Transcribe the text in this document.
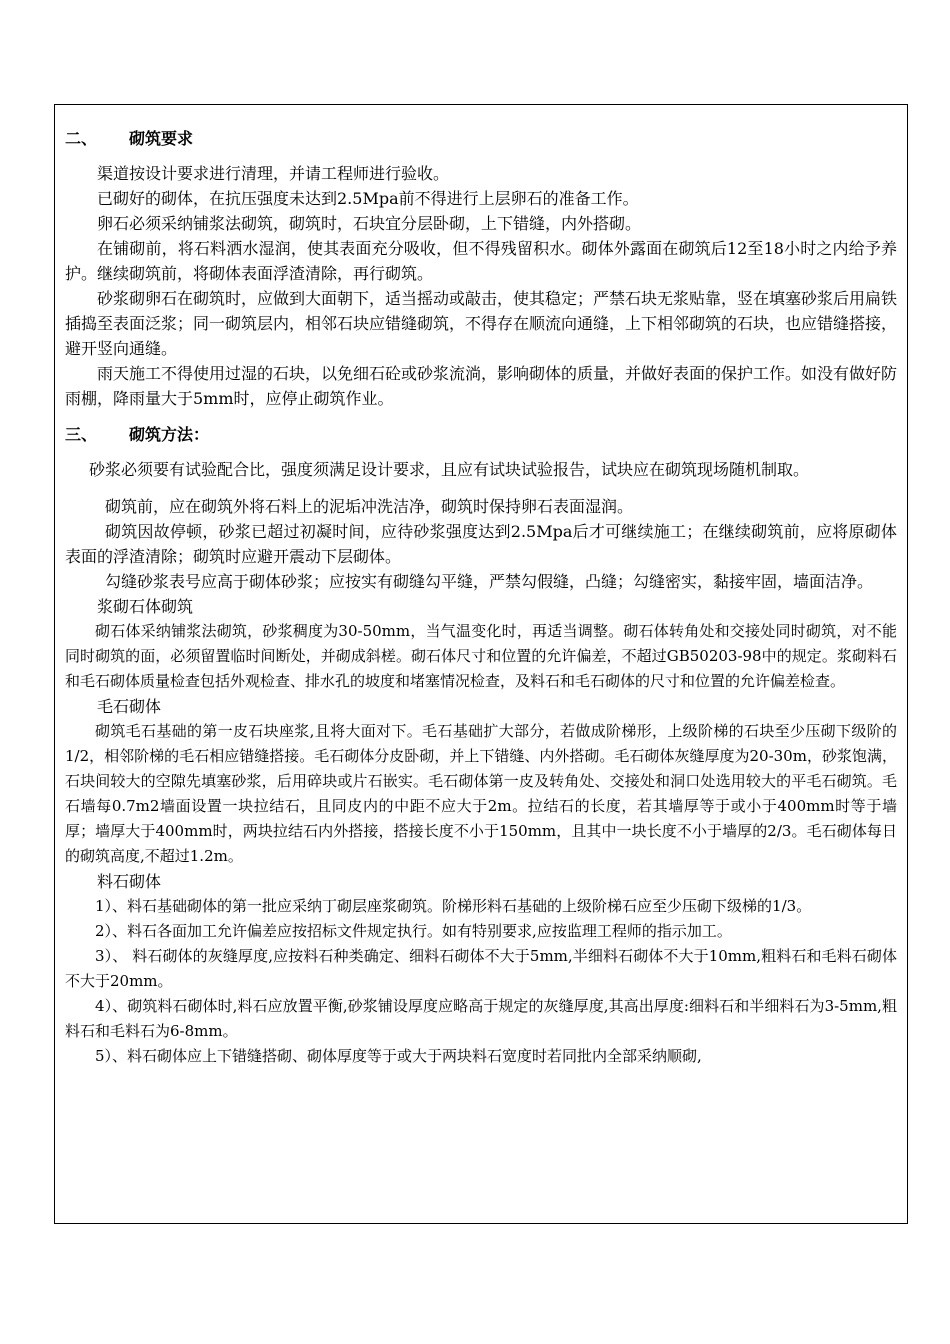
二、 砌筑要求

渠道按设计要求进行清理，并请工程师进行验收。

已砌好的砌体，在抗压强度未达到2.5Mpa前不得进行上层卵石的准备工作。

卵石必须采纳铺浆法砌筑，砌筑时，石块宜分层卧砌，上下错缝，内外搭砌。

在铺砌前，将石料洒水湿润，使其表面充分吸收，但不得残留积水。砌体外露面在砌筑后12至18小时之内给予养护。继续砌筑前，将砌体表面浮渣清除，再行砌筑。

砂浆砌卵石在砌筑时，应做到大面朝下，适当摇动或敲击，使其稳定；严禁石块无浆贴靠，竖在填塞砂浆后用扁铁插捣至表面泛浆；同一砌筑层内，相邻石块应错缝砌筑，不得存在顺流向通缝，上下相邻砌筑的石块，也应错缝搭接，避开竖向通缝。

雨天施工不得使用过湿的石块，以免细石砼或砂浆流淌，影响砌体的质量，并做好表面的保护工作。如没有做好防雨棚，降雨量大于5mm时，应停止砌筑作业。

三、 砌筑方法：

砂浆必须要有试验配合比，强度须满足设计要求，且应有试块试验报告，试块应在砌筑现场随机制取。

砌筑前，应在砌筑外将石料上的泥垢冲洗洁净，砌筑时保持卵石表面湿润。

砌筑因故停顿，砂浆已超过初凝时间，应待砂浆强度达到2.5Mpa后才可继续施工；在继续砌筑前，应将原砌体表面的浮渣清除；砌筑时应避开震动下层砌体。

勾缝砂浆表号应高于砌体砂浆；应按实有砌缝勾平缝，严禁勾假缝，凸缝；勾缝密实，黏接牢固，墙面洁净。

浆砌石体砌筑

砌石体采纳铺浆法砌筑，砂浆稠度为30-50mm，当气温变化时，再适当调整。砌石体转角处和交接处同时砌筑，对不能同时砌筑的面，必须留置临时间断处，并砌成斜槎。砌石体尺寸和位置的允许偏差，不超过GB50203-98中的规定。浆砌料石和毛石砌体质量检查包括外观检查、排水孔的坡度和堵塞情况检查，及料石和毛石砌体的尺寸和位置的允许偏差检查。

毛石砌体

砌筑毛石基础的第一皮石块座浆,且将大面对下。毛石基础扩大部分，若做成阶梯形，上级阶梯的石块至少压砌下级阶的1/2，相邻阶梯的毛石相应错缝搭接。毛石砌体分皮卧砌，并上下错缝、内外搭砌。毛石砌体灰缝厚度为20-30m，砂浆饱满，石块间较大的空隙先填塞砂浆，后用碎块或片石嵌实。毛石砌体第一皮及转角处、交接处和洞口处选用较大的平毛石砌筑。毛石墙每0.7m2墙面设置一块拉结石，且同皮内的中距不应大于2m。拉结石的长度，若其墙厚等于或小于400mm时等于墙厚；墙厚大于400mm时，两块拉结石内外搭接，搭接长度不小于150mm，且其中一块长度不小于墙厚的2/3。毛石砌体每日的砌筑高度,不超过1.2m。

料石砌体

1）、料石基础砌体的第一批应采纳丁砌层座浆砌筑。阶梯形料石基础的上级阶梯石应至少压砌下级梯的1/3。

2）、料石各面加工允许偏差应按招标文件规定执行。如有特别要求,应按监理工程师的指示加工。

3）、 料石砌体的灰缝厚度,应按料石种类确定、细料石砌体不大于5mm,半细料石砌体不大于10mm,粗料石和毛料石砌体不大于20mm。

4）、砌筑料石砌体时,料石应放置平衡,砂浆铺设厚度应略高于规定的灰缝厚度,其高出厚度:细料石和半细料石为3-5mm,粗料石和毛料石为6-8mm。

5）、料石砌体应上下错缝搭砌、砌体厚度等于或大于两块料石宽度时若同批内全部采纳顺砌,
